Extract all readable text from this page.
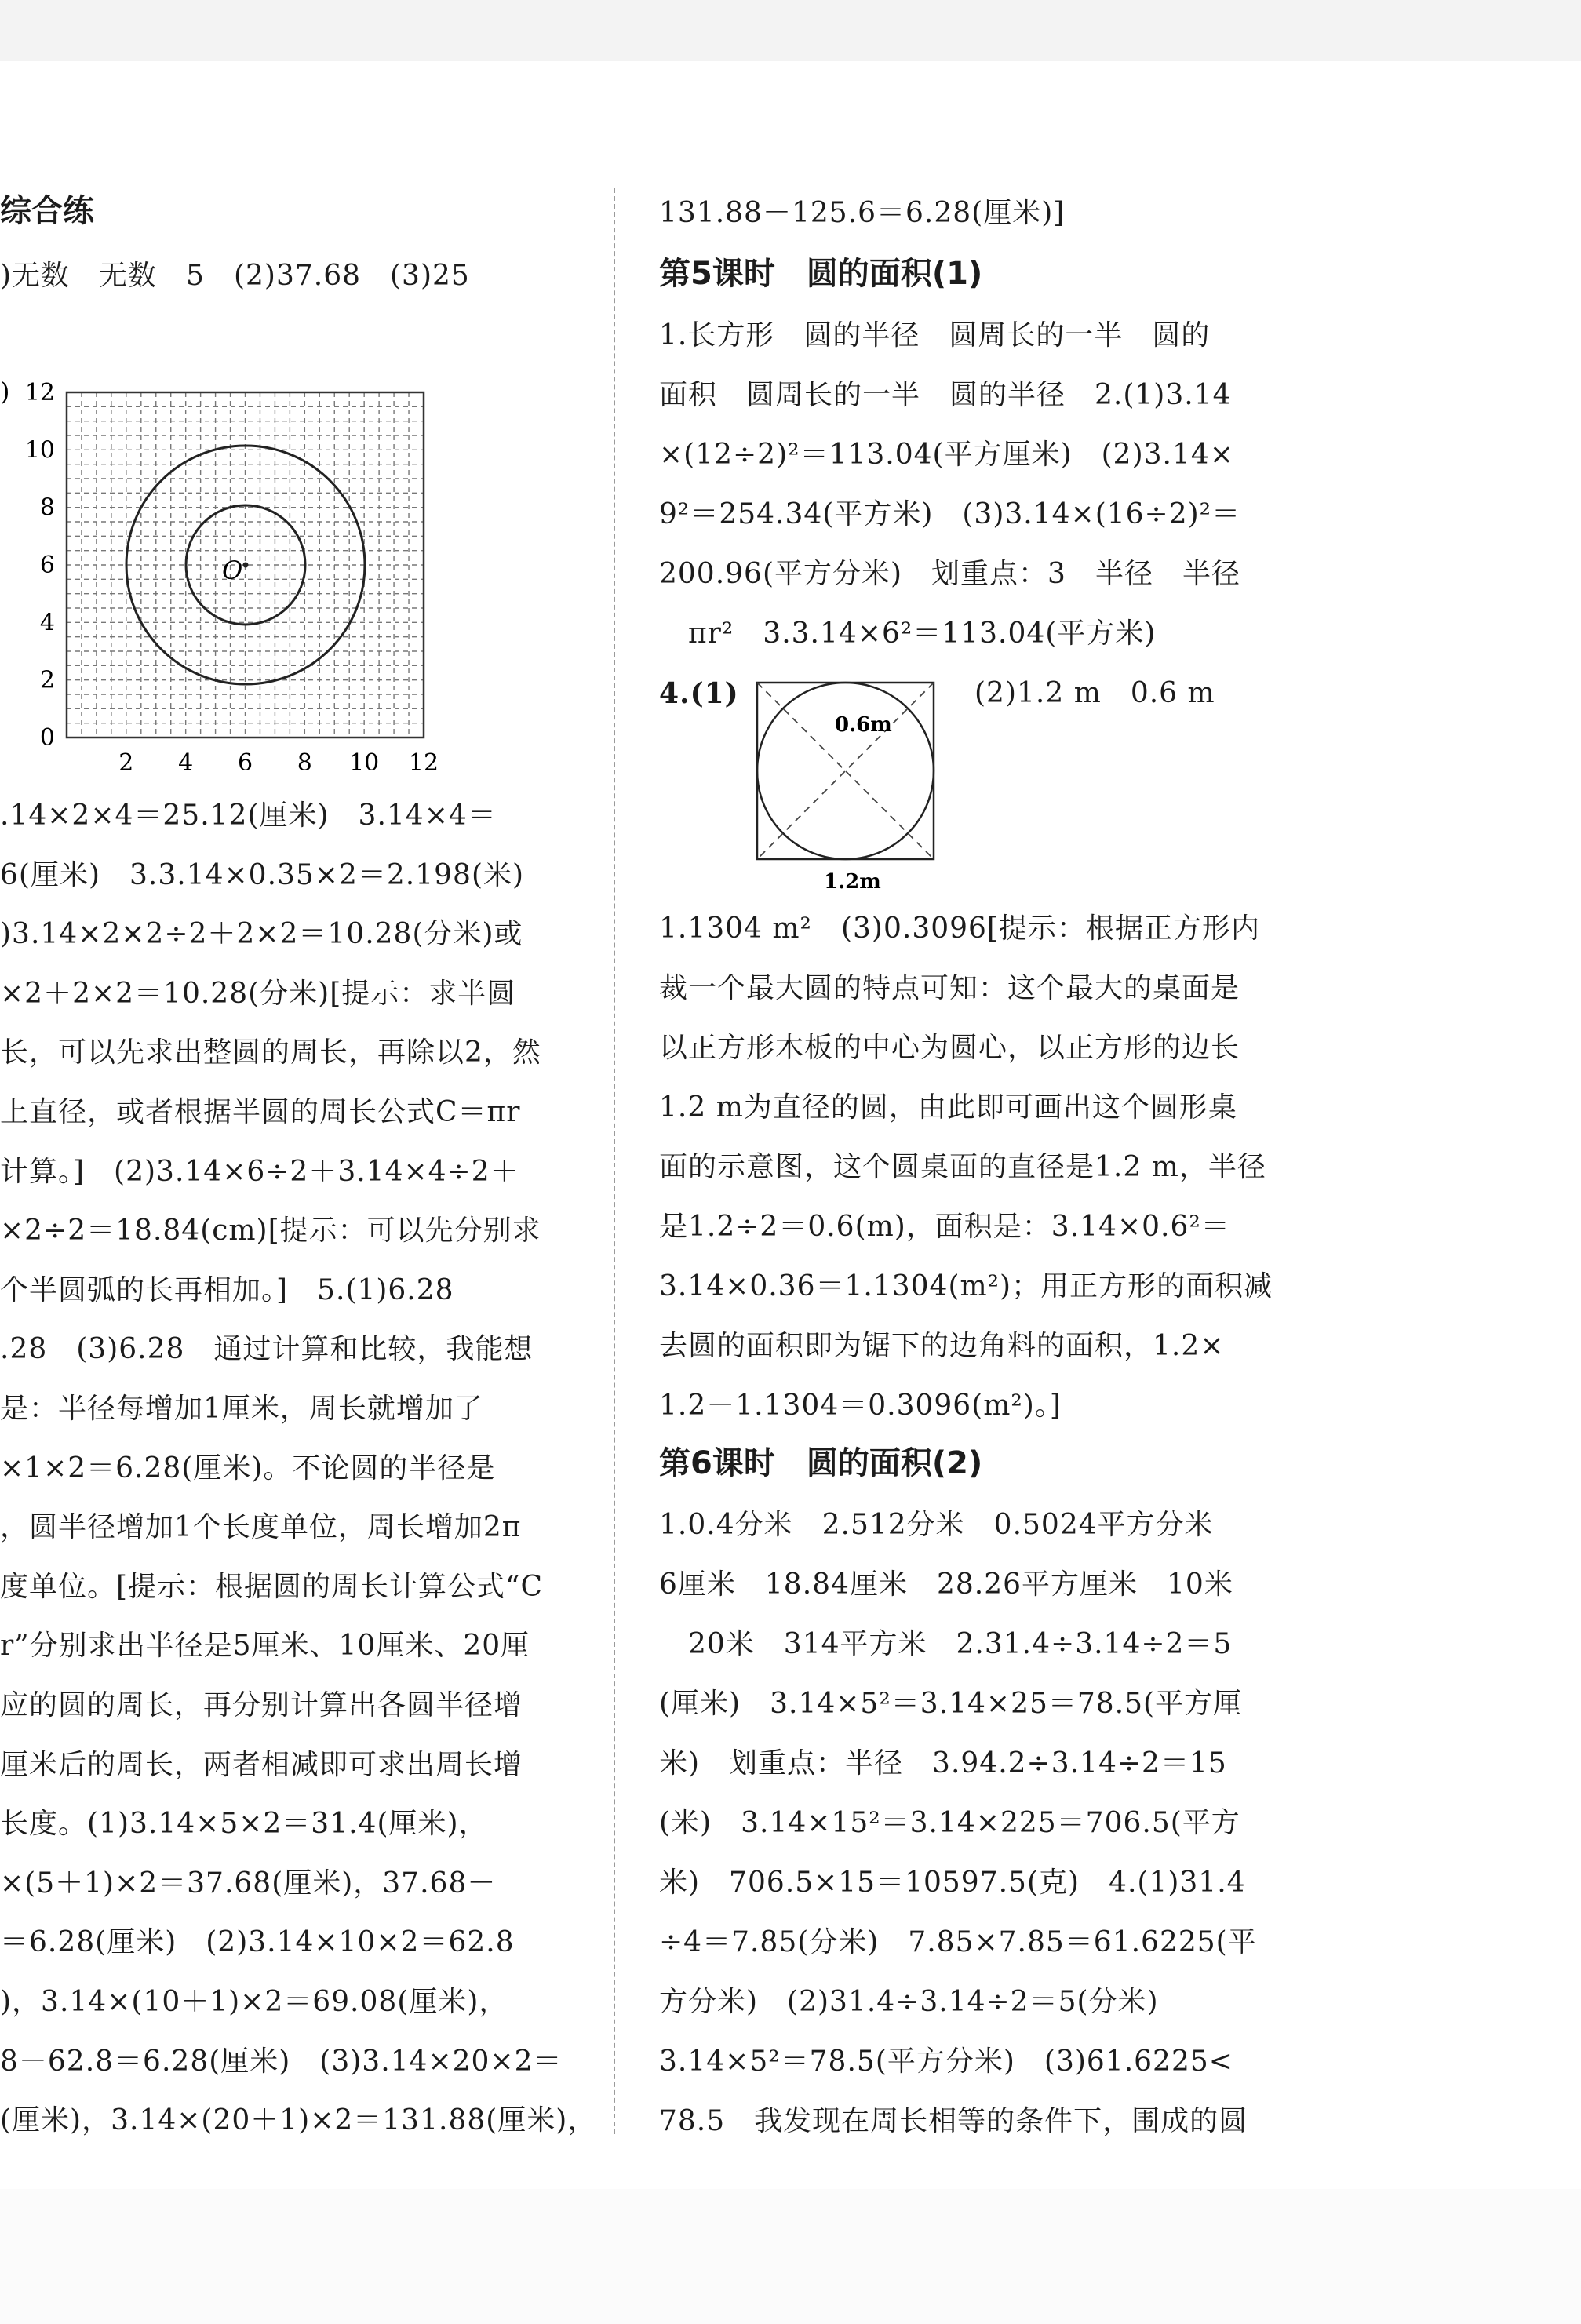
综合练
)无数　无数　5　(2)37.68　(3)25
O
)
0
2
4
6
8
10
12
2 4 6 8 10 12
.14×2×4＝25.12(厘米)　3.14×4＝
6(厘米)　3.3.14×0.35×2＝2.198(米)
)3.14×2×2÷2＋2×2＝10.28(分米)或
×2＋2×2＝10.28(分米)[提示：求半圆
长，可以先求出整圆的周长，再除以2，然
上直径，或者根据半圆的周长公式C＝πr
计算。]　(2)3.14×6÷2＋3.14×4÷2＋
×2÷2＝18.84(cm)[提示：可以先分别求
个半圆弧的长再相加。]　5.(1)6.28
.28　(3)6.28　通过计算和比较，我能想
是：半径每增加1厘米，周长就增加了
×1×2＝6.28(厘米)。不论圆的半径是
，圆半径增加1个长度单位，周长增加2π
度单位。[提示：根据圆的周长计算公式“C
r”分别求出半径是5厘米、10厘米、20厘
应的圆的周长，再分别计算出各圆半径增
厘米后的周长，两者相减即可求出周长增
长度。(1)3.14×5×2＝31.4(厘米)，
×(5＋1)×2＝37.68(厘米)，37.68－
＝6.28(厘米)　(2)3.14×10×2＝62.8
)，3.14×(10＋1)×2＝69.08(厘米)，
8－62.8＝6.28(厘米)　(3)3.14×20×2＝
(厘米)，3.14×(20＋1)×2＝131.88(厘米)，
131.88－125.6＝6.28(厘米)]
第5课时　圆的面积(1)
1.长方形　圆的半径　圆周长的一半　圆的
面积　圆周长的一半　圆的半径　2.(1)3.14
×(12÷2)²＝113.04(平方厘米)　(2)3.14×
9²＝254.34(平方米)　(3)3.14×(16÷2)²＝
200.96(平方分米)　划重点：3　半径　半径
　πr²　3.3.14×6²＝113.04(平方米)
4.(1)
0.6m
1.2m
(2)1.2 m　0.6 m
1.1304 m²　(3)0.3096[提示：根据正方形内
裁一个最大圆的特点可知：这个最大的桌面是
以正方形木板的中心为圆心，以正方形的边长
1.2 m为直径的圆，由此即可画出这个圆形桌
面的示意图，这个圆桌面的直径是1.2 m，半径
是1.2÷2＝0.6(m)，面积是：3.14×0.6²＝
3.14×0.36＝1.1304(m²)；用正方形的面积减
去圆的面积即为锯下的边角料的面积，1.2×
1.2－1.1304＝0.3096(m²)。]
第6课时　圆的面积(2)
1.0.4分米　2.512分米　0.5024平方分米
6厘米　18.84厘米　28.26平方厘米　10米
　20米　314平方米　2.31.4÷3.14÷2＝5
(厘米)　3.14×5²＝3.14×25＝78.5(平方厘
米)　划重点：半径　3.94.2÷3.14÷2＝15
(米)　3.14×15²＝3.14×225＝706.5(平方
米)　706.5×15＝10597.5(克)　4.(1)31.4
÷4＝7.85(分米)　7.85×7.85＝61.6225(平
方分米)　(2)31.4÷3.14÷2＝5(分米)
3.14×5²＝78.5(平方分米)　(3)61.6225<
78.5　我发现在周长相等的条件下，围成的圆
